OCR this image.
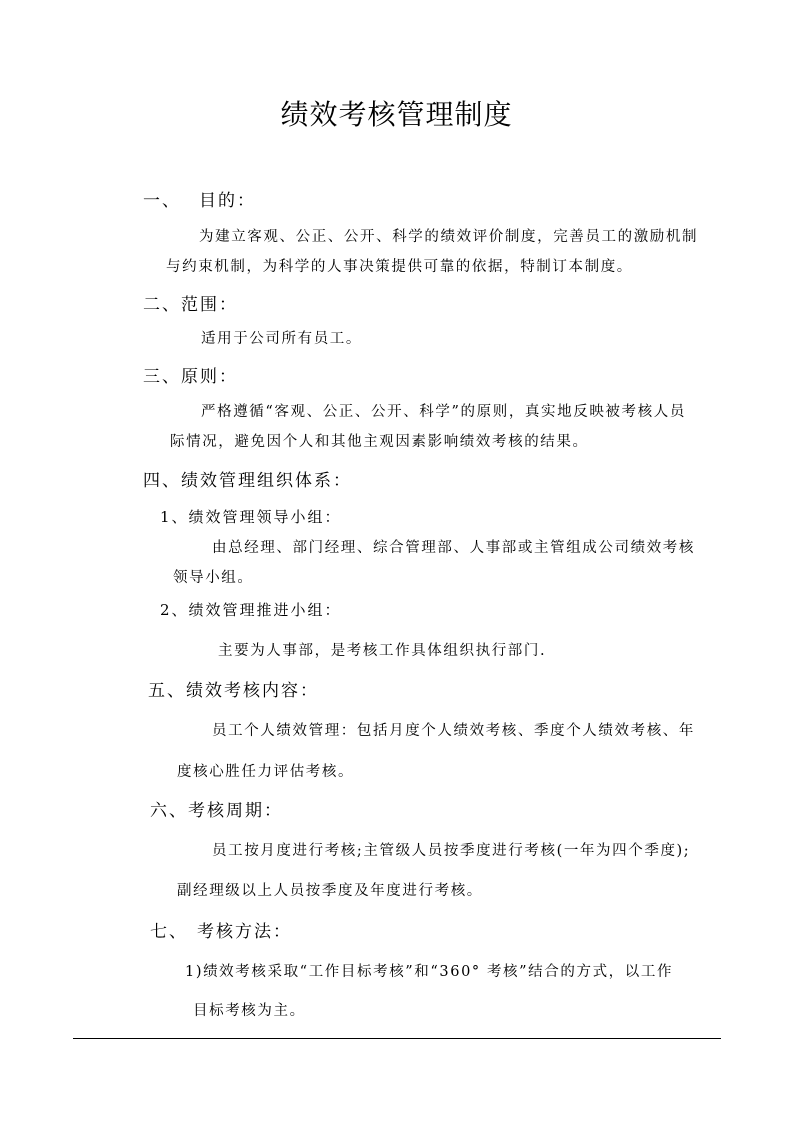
绩效考核管理制度
一、 目的：
为建立客观、公正、公开、科学的绩效评价制度，完善员工的激励机制
与约束机制，为科学的人事决策提供可靠的依据，特制订本制度。
二、范围：
适用于公司所有员工。
三、原则：
严格遵循“客观、公正、公开、科学”的原则，真实地反映被考核人员
际情况，避免因个人和其他主观因素影响绩效考核的结果。
四、绩效管理组织体系：
1、绩效管理领导小组：
由总经理、部门经理、综合管理部、人事部或主管组成公司绩效考核
领导小组。
2、绩效管理推进小组：
主要为人事部，是考核工作具体组织执行部门.
五、绩效考核内容：
员工个人绩效管理：包括月度个人绩效考核、季度个人绩效考核、年
度核心胜任力评估考核。
六、考核周期：
员工按月度进行考核;主管级人员按季度进行考核(一年为四个季度);
副经理级以上人员按季度及年度进行考核。
七、 考核方法：
1)绩效考核采取“工作目标考核”和“360° 考核”结合的方式，以工作
目标考核为主。
